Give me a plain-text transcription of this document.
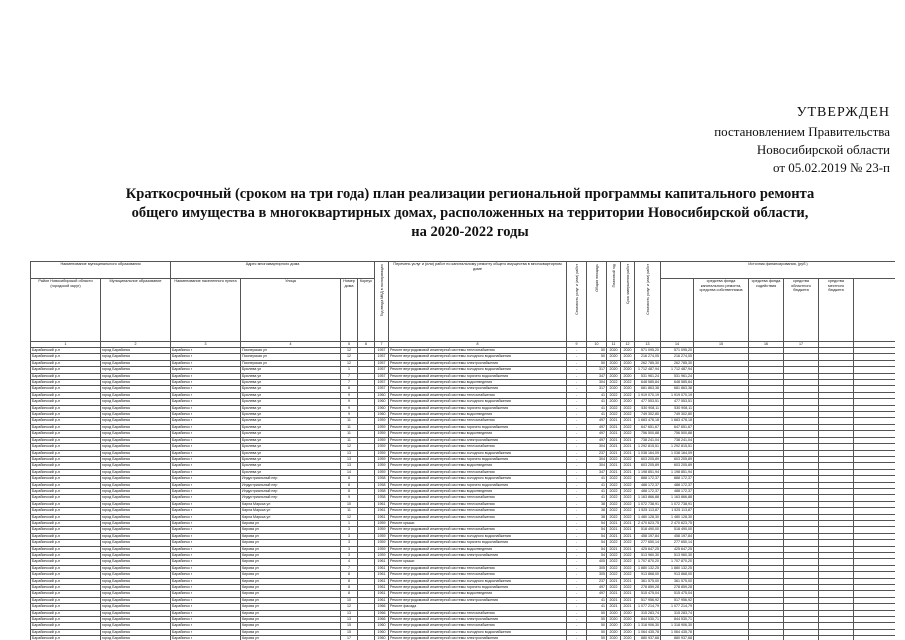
УТВЕРЖДЕН
постановлением Правительства
Новосибирской области
от 05.02.2019 № 23-п
Краткосрочный (сроком на три года) план реализации региональной программы капитального ремонта
общего имущества в многоквартирных домах, расположенных на территории Новосибирской области,
на 2020-2022 годы
Наименование муниципального образования		Адрес многоквартирного дома				Год ввода МКД в эксплуатацию	Перечень услуг и (или) работ по капитальному ремонту общего имущества в многоквартирном доме	Стоимость услуг и (или) работ	Общая площадь	Плановый год	Срок завершения работ	Стоимость услуг и (или) работ	Источник финансирования, (руб.)					
Район Новосибирской области (городской округ)	Муниципальное образование	Наименование населенного пункта	Улица	Номер дома	Корпус									средства фонда капитального ремонта, средства собственников	средства фонда содействия	средства областного бюджета	средства местного бюджета	
1	2	3	4	5	6	7	8	9	10	11	12	13	14	15	16	17		
Барабинский р-н	город Барабинск	Барабинск г	Пионерская ул	12		1957	Ремонт внутридомовой инженерной системы теплоснабжения	-	50	2020	2020	571 095,20	571 095,20					
Барабинский р-н	город Барабинск	Барабинск г	Пионерская ул	12		1957	Ремонт внутридомовой инженерной системы холодного водоснабжения	-	50	2020	2020	216 274,05	216 274,05					
Барабинский р-н	город Барабинск	Барабинск г	Пионерская ул	12		1957	Ремонт внутридомовой инженерной системы электроснабжения	-	50	2020	2020	262 785,30	262 785,30					
Барабинский р-н	город Барабинск	Барабинск г	Брилева ул	1		1957	Ремонт внутридомовой инженерной системы холодного водоснабжения	-	317	2020	2020	1 712 487,94	1 712 487,94					
Барабинский р-н	город Барабинск	Барабинск г	Брилева ул	7		1957	Ремонт внутридомовой инженерной системы горячего водоснабжения	-	347	2020	2020	531 961,24	531 961,24					
Барабинский р-н	город Барабинск	Барабинск г	Брилева ул	7		1957	Ремонт внутридомовой инженерной системы водоотведения	-	304	2022	2022	648 585,84	648 585,84					
Барабинский р-н	город Барабинск	Барабинск г	Брилева ул	8		1957	Ремонт внутридомовой инженерной системы электроснабжения	-	317	2020	2020	681 863,38	681 863,38					
Барабинский р-н	город Барабинск	Барабинск г	Брилева ул	9		1960	Ремонт внутридомовой инженерной системы теплоснабжения	-	41	2022	2022	1 919 070,19	1 919 070,19					
Барабинский р-н	город Барабинск	Барабинск г	Брилева ул	9		1960	Ремонт внутридомовой инженерной системы холодного водоснабжения	-	41	2020	2020	477 553,51	477 553,51					
Барабинский р-н	город Барабинск	Барабинск г	Брилева ул	9		1960	Ремонт внутридомовой инженерной системы горячего водоснабжения	-	41	2022	2022	530 908,11	530 908,11					
Барабинский р-н	город Барабинск	Барабинск г	Брилева ул	9		1960	Ремонт внутридомовой инженерной системы водоотведения	-	41	2022	2022	749 302,80	749 302,80					
Барабинский р-н	город Барабинск	Барабинск г	Брилева ул	11		1959	Ремонт внутридомовой инженерной системы теплоснабжения	-	497	2021	2021	1 683 478,18	1 683 478,18					
Барабинский р-н	город Барабинск	Барабинск г	Брилева ул	11		1959	Ремонт внутридомовой инженерной системы горячего водоснабжения	-	497	2021	2022	647 651,67	647 651,67					
Барабинский р-н	город Барабинск	Барабинск г	Брилева ул	11		1959	Ремонт внутридомовой инженерной системы водоотведения	-	497	2021	2022	756 500,88	756 500,88					
Барабинский р-н	город Барабинск	Барабинск г	Брилева ул	11		1959	Ремонт внутридомовой инженерной системы электроснабжения	-	497	2021	2021	738 241,04	738 241,04					
Барабинский р-н	город Барабинск	Барабинск г	Брилева ул	12		1959	Ремонт внутридомовой инженерной системы теплоснабжения	-	304	2021	2021	1 292 815,51	1 292 815,51					
Барабинский р-н	город Барабинск	Барабинск г	Брилева ул	13		1959	Ремонт внутридомовой инженерной системы холодного водоснабжения	-	237	2021	2021	1 038 164,09	1 038 164,09					
Барабинский р-н	город Барабинск	Барабинск г	Брилева ул	13		1959	Ремонт внутридомовой инженерной системы горячего водоснабжения	-	304	2022	2022	603 205,89	603 205,89					
Барабинский р-н	город Барабинск	Барабинск г	Брилева ул	13		1959	Ремонт внутридомовой инженерной системы водоотведения	-	304	2021	2021	603 205,89	603 205,89					
Барабинский р-н	город Барабинск	Барабинск г	Брилева ул	14		1959	Ремонт внутридомовой инженерной системы теплоснабжения	-	347	2021	2021	1 198 851,94	1 198 851,94					
Барабинский р-н	город Барабинск	Барабинск г	Индустриальный пер	8		1958	Ремонт внутридомовой инженерной системы холодного водоснабжения	-	41	2022	2022	888 172,37	888 172,37					
Барабинский р-н	город Барабинск	Барабинск г	Индустриальный пер	8		1958	Ремонт внутридомовой инженерной системы горячего водоснабжения	-	41	2022	2022	488 172,37	488 172,37					
Барабинский р-н	город Барабинск	Барабинск г	Индустриальный пер	8		1958	Ремонт внутридомовой инженерной системы водоотведения	-	41	2022	2022	488 172,37	488 172,37					
Барабинский р-н	город Барабинск	Барабинск г	Индустриальный пер	9		1958	Ремонт внутридомовой инженерной системы теплоснабжения	-	41	2022	2022	1 163 866,88	1 163 866,88					
Барабинский р-н	город Барабинск	Барабинск г	Карла Маркса ул	10		1961	Ремонт внутридомовой инженерной системы теплоснабжения	-	38	2022	2022	1 072 738,91	1 072 738,91					
Барабинский р-н	город Барабинск	Барабинск г	Карла Маркса ул	11		1961	Ремонт внутридомовой инженерной системы теплоснабжения	-	38	2022	2022	1 525 113,87	1 525 113,87					
Барабинский р-н	город Барабинск	Барабинск г	Карла Маркса ул	12		1961	Ремонт внутридомовой инженерной системы теплоснабжения	-	38	2022	2022	1 480 128,30	1 480 128,30					
Барабинский р-н	город Барабинск	Барабинск г	Кирова ул	1		1959	Ремонт крыши	-	54	2021	2021	2 470 623,75	2 470 623,75					
Барабинский р-н	город Барабинск	Барабинск г	Кирова ул	3		1959	Ремонт внутридомовой инженерной системы теплоснабжения	-	54	2021	2021	518 490,00	518 490,00					
Барабинский р-н	город Барабинск	Барабинск г	Кирова ул	3		1959	Ремонт внутридомовой инженерной системы холодного водоснабжения	-	54	2021	2021	458 197,84	458 197,84					
Барабинский р-н	город Барабинск	Барабинск г	Кирова ул	3		1959	Ремонт внутридомовой инженерной системы горячего водоснабжения	-	54	2022	2022	277 650,14	277 650,14					
Барабинский р-н	город Барабинск	Барабинск г	Кирова ул	3		1959	Ремонт внутридомовой инженерной системы водоотведения	-	54	2021	2021	425 647,25	425 647,25					
Барабинский р-н	город Барабинск	Барабинск г	Кирова ул	3		1959	Ремонт внутридомовой инженерной системы электроснабжения	-	54	2022	2022	513 960,30	513 960,30					
Барабинский р-н	город Барабинск	Барабинск г	Кирова ул	4		1961	Ремонт крыши	-	405	2022	2022	1 707 870,20	1 707 870,20					
Барабинский р-н	город Барабинск	Барабинск г	Кирова ул	7		1961	Ремонт внутридомовой инженерной системы теплоснабжения	-	305	2022	2022	1 880 132,25	1 880 132,25					
Барабинский р-н	город Барабинск	Барабинск г	Кирова ул	8		1961	Ремонт внутридомовой инженерной системы теплоснабжения	-	305	2022	2022	913 868,00	913 868,00					
Барабинский р-н	город Барабинск	Барабинск г	Кирова ул	8		1961	Ремонт внутридомовой инженерной системы холодного водоснабжения	-	237	2021	2021	361 575,00	361 575,00					
Барабинский р-н	город Барабинск	Барабинск г	Кирова ул	8		1961	Ремонт внутридомовой инженерной системы горячего водоснабжения	-	497	2022	2022	278 859,28	278 859,28					
Барабинский р-н	город Барабинск	Барабинск г	Кирова ул	8		1961	Ремонт внутридомовой инженерной системы водоотведения	-	497	2021	2021	515 475,04	515 475,04					
Барабинский р-н	город Барабинск	Барабинск г	Кирова ул	10		1961	Ремонт внутридомовой инженерной системы электроснабжения	-	41	2021	2021	517 956,92	517 956,92					
Барабинский р-н	город Барабинск	Барабинск г	Кирова ул	12		1966	Ремонт фасада	-	41	2021	2021	1 077 214,79	1 077 214,79					
Барабинский р-н	город Барабинск	Барабинск г	Кирова ул	13		1966	Ремонт внутридомовой инженерной системы теплоснабжения	-	50	2020	2020	315 283,74	315 283,74					
Барабинский р-н	город Барабинск	Барабинск г	Кирова ул	13		1966	Ремонт внутридомовой инженерной системы электроснабжения	-	50	2020	2020	844 530,71	844 530,71					
Барабинский р-н	город Барабинск	Барабинск г	Кирова ул	15		1960	Ремонт внутридомовой инженерной системы теплоснабжения	-	50	2020	2020	1 318 906,30	1 318 906,30					
Барабинский р-н	город Барабинск	Барабинск г	Кирова ул	15		1960	Ремонт внутридомовой инженерной системы холодного водоснабжения	-	50	2020	2020	1 064 435,78	1 064 435,78					
Барабинский р-н	город Барабинск	Барабинск г	Кирова ул	17		1960	Ремонт внутридомовой инженерной системы электроснабжения	-	50	2020	2020	880 937,68	880 937,68					
